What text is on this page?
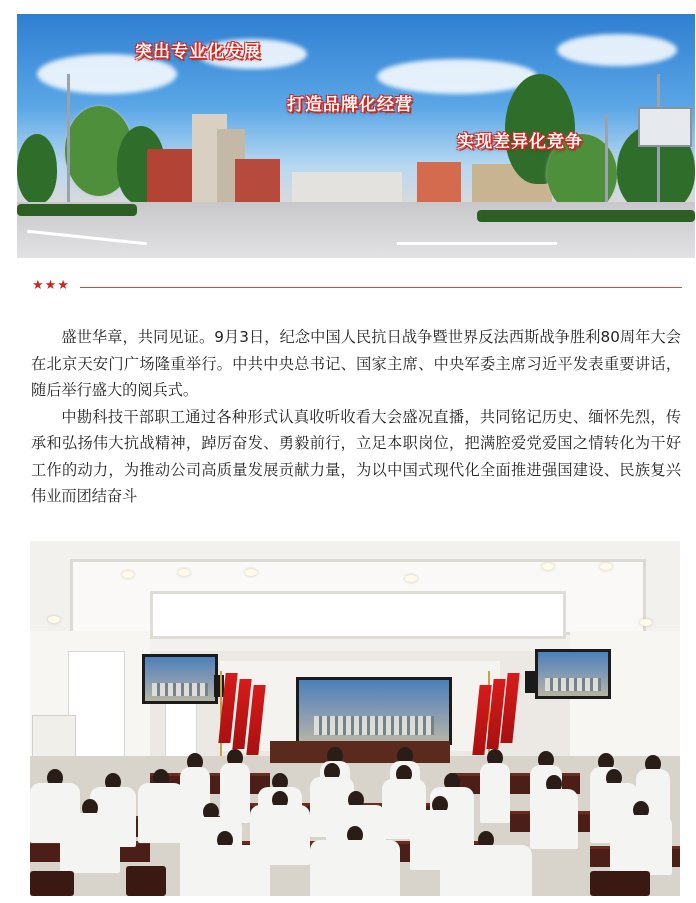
突出专业化发展
打造品牌化经营
实现差异化竞争
★★★

盛世华章，共同见证。9月3日，纪念中国人民抗日战争暨世界反法西斯战争胜利80周年大会在北京天安门广场隆重举行。中共中央总书记、国家主席、中央军委主席习近平发表重要讲话，随后举行盛大的阅兵式。

中勘科技干部职工通过各种形式认真收听收看大会盛况直播，共同铭记历史、缅怀先烈，传承和弘扬伟大抗战精神，踔厉奋发、勇毅前行，立足本职岗位，把满腔爱党爱国之情转化为干好工作的动力，为推动公司高质量发展贡献力量，为以中国式现代化全面推进强国建设、民族复兴伟业而团结奋斗
